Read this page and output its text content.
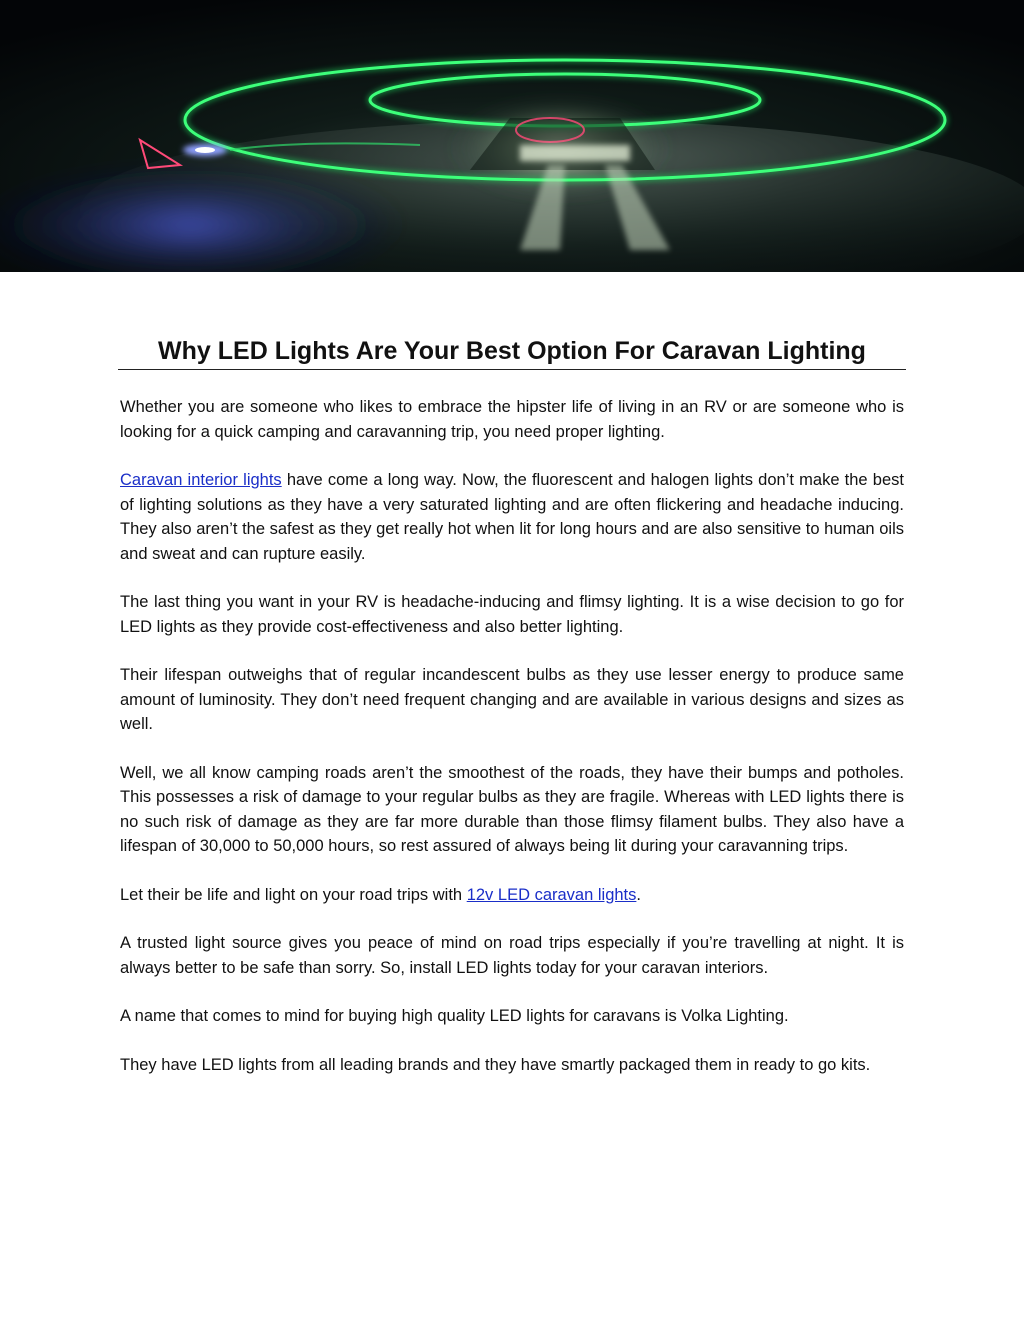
Why LED Lights Are Your Best Option For Caravan Lighting

Whether you are someone who likes to embrace the hipster life of living in an RV or are someone who is looking for a quick camping and caravanning trip, you need proper lighting.

Caravan interior lights have come a long way. Now, the fluorescent and halogen lights don’t make the best of lighting solutions as they have a very saturated lighting and are often flickering and headache inducing. They also aren’t the safest as they get really hot when lit for long hours and are also sensitive to human oils and sweat and can rupture easily.

The last thing you want in your RV is headache-inducing and flimsy lighting. It is a wise decision to go for LED lights as they provide cost-effectiveness and also better lighting.

Their lifespan outweighs that of regular incandescent bulbs as they use lesser energy to produce same amount of luminosity. They don’t need frequent changing and are available in various designs and sizes as well.

Well, we all know camping roads aren’t the smoothest of the roads, they have their bumps and potholes. This possesses a risk of damage to your regular bulbs as they are fragile. Whereas with LED lights there is no such risk of damage as they are far more durable than those flimsy filament bulbs. They also have a lifespan of 30,000 to 50,000 hours, so rest assured of always being lit during your caravanning trips.

Let their be life and light on your road trips with 12v LED caravan lights.

A trusted light source gives you peace of mind on road trips especially if you’re travelling at night. It is always better to be safe than sorry. So, install LED lights today for your caravan interiors.

A name that comes to mind for buying high quality LED lights for caravans is Volka Lighting.

They have LED lights from all leading brands and they have smartly packaged them in ready to go kits.
